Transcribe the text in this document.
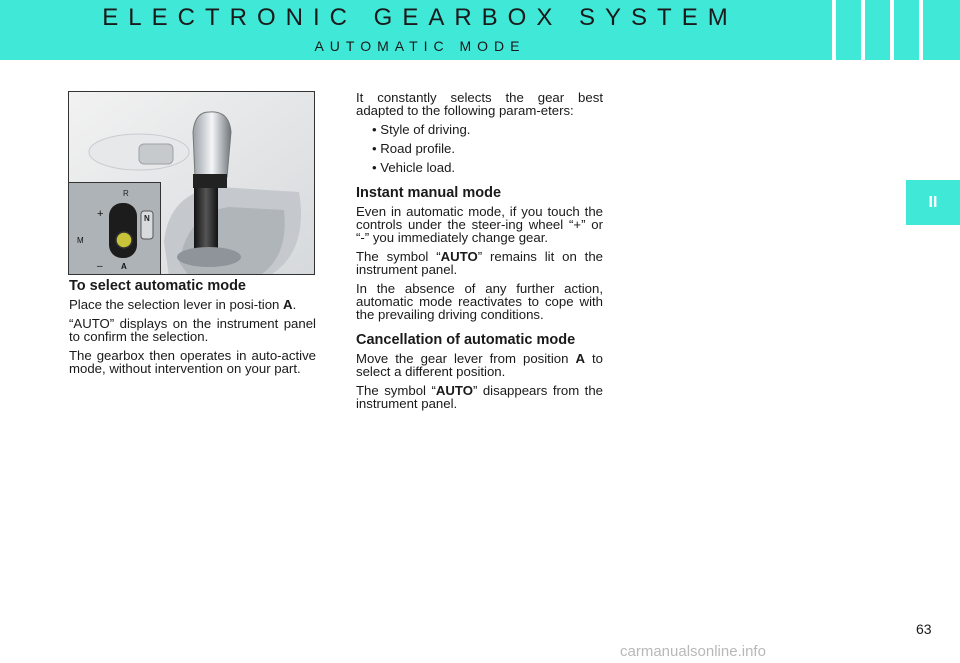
ELECTRONIC GEARBOX SYSTEM
AUTOMATIC MODE
II
R
N
+
M
– A
To select automatic mode

Place the selection lever in posi-tion A.

“AUTO” displays on the instrument panel to confirm the selection.

The gearbox then operates in auto-active mode, without intervention on your part.

It constantly selects the gear best adapted to the following param-eters:

• Style of driving.
• Road profile.
• Vehicle load.
Instant manual mode

Even in automatic mode, if you touch the controls under the steer-ing wheel “+” or “-” you immediately change gear.

The symbol “AUTO” remains lit on the instrument panel.

In the absence of any further action, automatic mode reactivates to cope with the prevailing driving conditions.

Cancellation of automatic mode

Move the gear lever from position A to select a different position.

The symbol “AUTO” disappears from the instrument panel.

63
carmanualsonline.info
